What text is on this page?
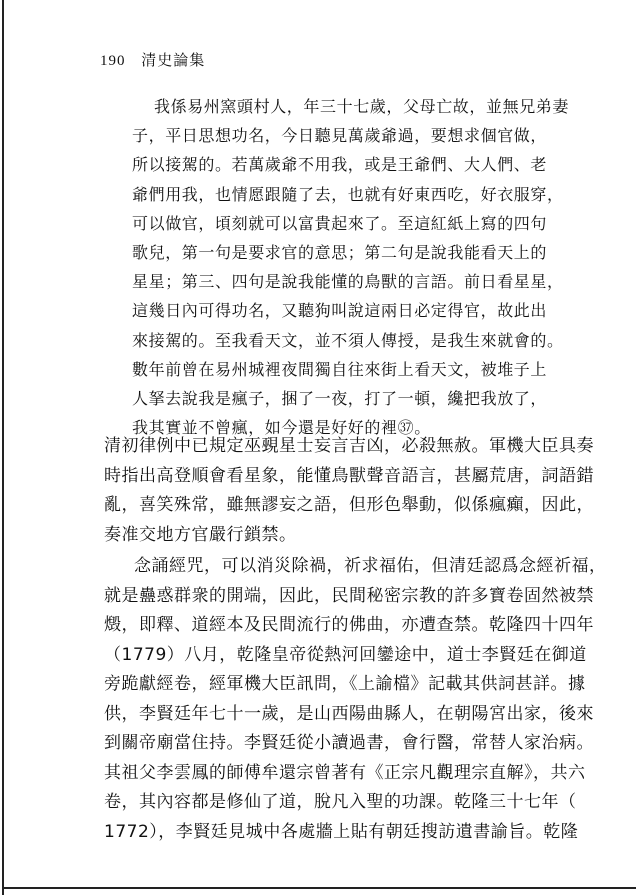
190 清史論集
我係易州窯頭村人，年三十七歲，父母亡故，並無兄弟妻
子，平日思想功名，今日聽見萬歲爺過，要想求個官做，
所以接駕的。若萬歲爺不用我，或是王爺們、大人們、老
爺們用我，也情愿跟隨了去，也就有好東西吃，好衣服穿，
可以做官，頃刻就可以富貴起來了。至這紅紙上寫的四句
歌兒，第一句是要求官的意思；第二句是說我能看天上的
星星；第三、四句是說我能懂的鳥獸的言語。前日看星星，
這幾日內可得功名，又聽狗叫說這兩日必定得官，故此出
來接駕的。至我看天文，並不須人傳授，是我生來就會的。
數年前曾在易州城裡夜間獨自往來街上看天文，被堆子上
人拏去說我是瘋子，捆了一夜，打了一頓，纔把我放了，
我其實並不曾瘋，如今還是好好的裡㊲。
清初律例中已規定巫覡星士妄言吉凶，必殺無赦。軍機大臣具奏
時指出高登順會看星象，能懂鳥獸聲音語言，甚屬荒唐，詞語錯
亂，喜笑殊常，雖無謬妄之語，但形色舉動，似係瘋癲，因此，
奏准交地方官嚴行鎖禁。
念誦經咒，可以消災除禍，祈求福佑，但清廷認爲念經祈福，
就是蠱惑群衆的開端，因此，民間秘密宗教的許多寶卷固然被禁
燬，即釋、道經本及民間流行的佛曲，亦遭查禁。乾隆四十四年
（1779）八月，乾隆皇帝從熱河回鑾途中，道士李賢廷在御道
旁跪獻經卷，經軍機大臣訊問，《上諭檔》記載其供詞甚詳。據
供，李賢廷年七十一歲，是山西陽曲縣人，在朝陽宮出家，後來
到關帝廟當住持。李賢廷從小讀過書，會行醫，常替人家治病。
其祖父李雲鳳的師傅牟還宗曾著有《正宗凡觀理宗直解》，共六
卷，其內容都是修仙了道，脫凡入聖的功課。乾隆三十七年（
1772），李賢廷見城中各處牆上貼有朝廷搜訪遺書諭旨。乾隆
